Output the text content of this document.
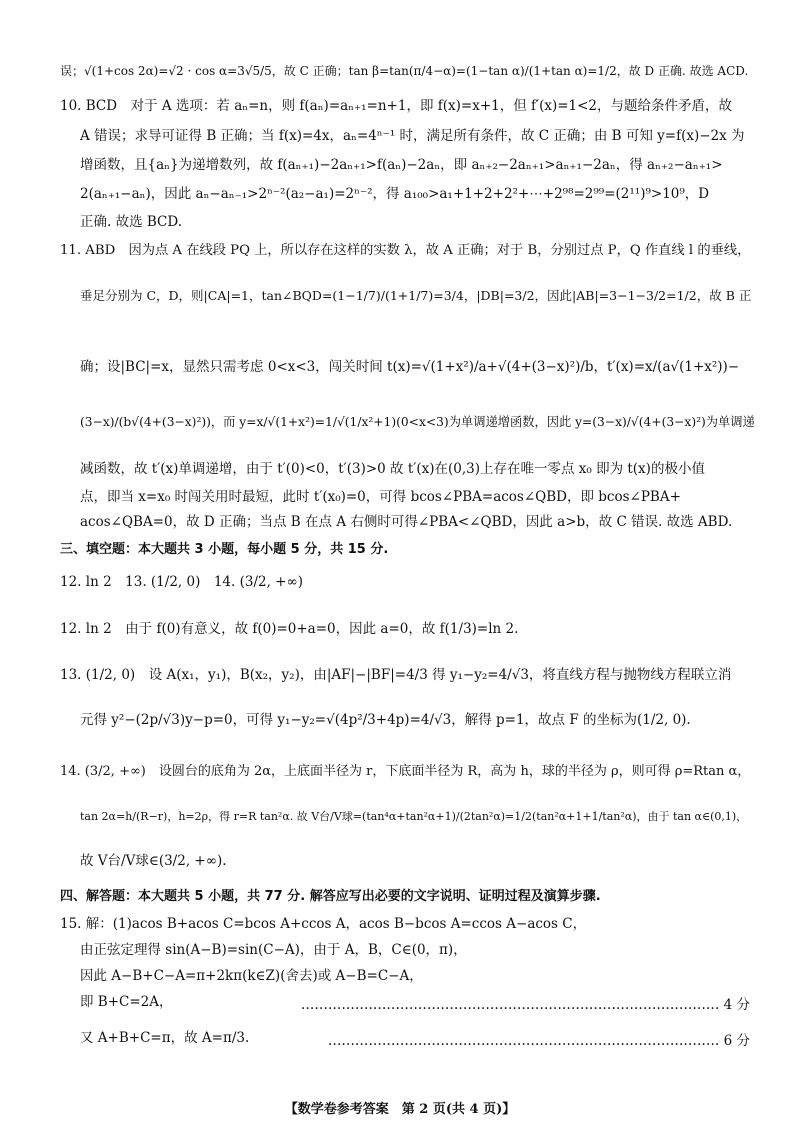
误；√(1+cos 2α)=√2 · cos α=3√5/5，故 C 正确；tan β=tan(π/4−α)=(1−tan α)/(1+tan α)=1/2，故 D 正确. 故选 ACD.
10. BCD　对于 A 选项：若 aₙ=n，则 f(aₙ)=aₙ₊₁=n+1，即 f(x)=x+1，但 f′(x)=1<2，与题给条件矛盾，故
A 错误；求导可证得 B 正确；当 f(x)=4x，aₙ=4ⁿ⁻¹ 时，满足所有条件，故 C 正确；由 B 可知 y=f(x)−2x 为
增函数，且{aₙ}为递增数列，故 f(aₙ₊₁)−2aₙ₊₁>f(aₙ)−2aₙ，即 aₙ₊₂−2aₙ₊₁>aₙ₊₁−2aₙ，得 aₙ₊₂−aₙ₊₁>
2(aₙ₊₁−aₙ)，因此 aₙ−aₙ₋₁>2ⁿ⁻²(a₂−a₁)=2ⁿ⁻²，得 a₁₀₀>a₁+1+2+2²+⋯+2⁹⁸=2⁹⁹=(2¹¹)⁹>10⁹，D
正确. 故选 BCD.
11. ABD　因为点 A 在线段 PQ 上，所以存在这样的实数 λ，故 A 正确；对于 B，分别过点 P，Q 作直线 l 的垂线，
垂足分别为 C，D，则|CA|=1，tan∠BQD=(1−1/7)/(1+1/7)=3/4，|DB|=3/2，因此|AB|=3−1−3/2=1/2，故 B 正
确；设|BC|=x，显然只需考虑 0<x<3，闯关时间 t(x)=√(1+x²)/a+√(4+(3−x)²)/b，t′(x)=x/(a√(1+x²))−
(3−x)/(b√(4+(3−x)²))，而 y=x/√(1+x²)=1/√(1/x²+1)(0<x<3)为单调递增函数，因此 y=(3−x)/√(4+(3−x)²)为单调递
减函数，故 t′(x)单调递增，由于 t′(0)<0，t′(3)>0 故 t′(x)在(0,3)上存在唯一零点 x₀ 即为 t(x)的极小值
点，即当 x=x₀ 时闯关用时最短，此时 t′(x₀)=0，可得 bcos∠PBA=acos∠QBD，即 bcos∠PBA+
acos∠QBA=0，故 D 正确；当点 B 在点 A 右侧时可得∠PBA<∠QBD，因此 a>b，故 C 错误. 故选 ABD.
三、填空题：本大题共 3 小题，每小题 5 分，共 15 分.
12. ln 2　13. (1/2, 0)　14. (3/2, +∞)
12. ln 2　由于 f(0)有意义，故 f(0)=0+a=0，因此 a=0，故 f(1/3)=ln 2.
13. (1/2, 0)　设 A(x₁，y₁)，B(x₂，y₂)，由|AF|−|BF|=4/3 得 y₁−y₂=4/√3，将直线方程与抛物线方程联立消
元得 y²−(2p/√3)y−p=0，可得 y₁−y₂=√(4p²/3+4p)=4/√3，解得 p=1，故点 F 的坐标为(1/2, 0).
14. (3/2, +∞)　设圆台的底角为 2α，上底面半径为 r，下底面半径为 R，高为 h，球的半径为 ρ，则可得 ρ=Rtan α，
tan 2α=h/(R−r)，h=2ρ，得 r=R tan²α. 故 V台/V球=(tan⁴α+tan²α+1)/(2tan²α)=1/2(tan²α+1+1/tan²α)，由于 tan α∈(0,1)，
故 V台/V球∈(3/2, +∞).
四、解答题：本大题共 5 小题，共 77 分. 解答应写出必要的文字说明、证明过程及演算步骤.
15. 解：(1)acos B+acos C=bcos A+ccos A，acos B−bcos A=ccos A−acos C，
由正弦定理得 sin(A−B)=sin(C−A)，由于 A，B，C∈(0，π)，
因此 A−B+C−A=π+2kπ(k∈Z)(舍去)或 A−B=C−A，
即 B+C=2A，	………………………………………………………………………………… 4 分
又 A+B+C=π，故 A=π/3.	…………………………………………………………………………… 6 分
【数学卷参考答案　第 2 页(共 4 页)】
